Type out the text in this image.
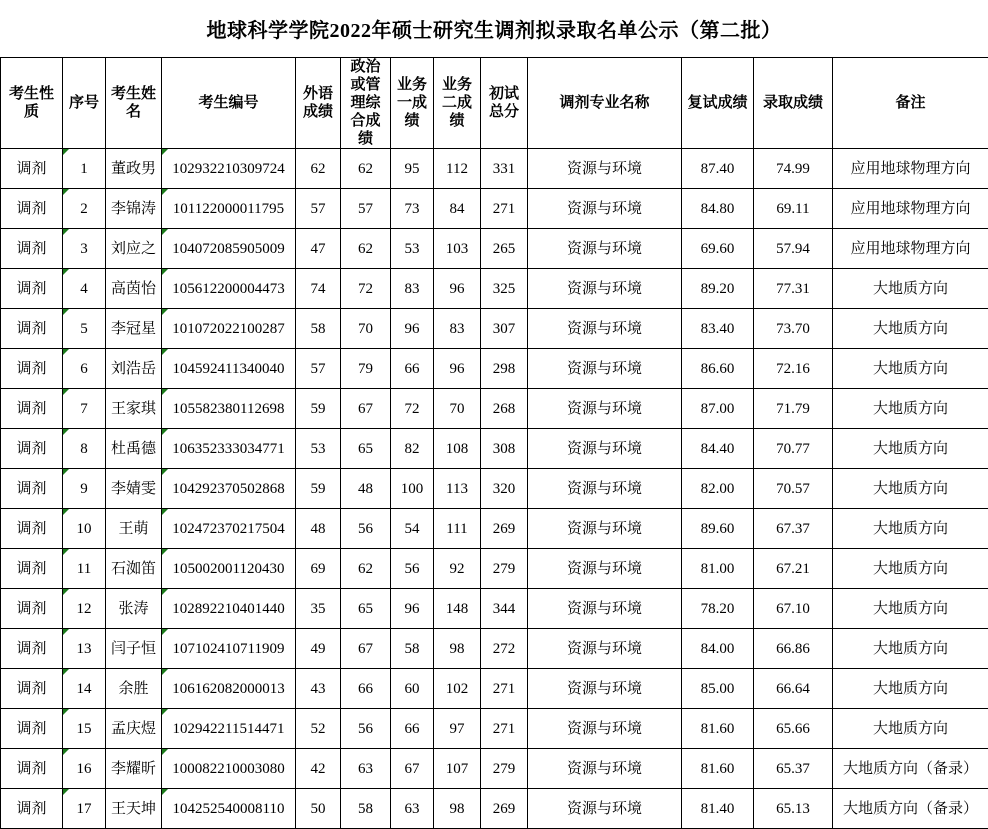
地球科学学院2022年硕士研究生调剂拟录取名单公示（第二批）
考生性质	序号	考生姓名	考生编号	外语成绩	政治或管理综合成绩	业务一成绩	业务二成绩	初试总分	调剂专业名称	复试成绩	录取成绩	备注
调剂	1	董政男	102932210309724	62	62	95	112	331	资源与环境	87.40	74.99	应用地球物理方向
调剂	2	李锦涛	101122000011795	57	57	73	84	271	资源与环境	84.80	69.11	应用地球物理方向
调剂	3	刘应之	104072085905009	47	62	53	103	265	资源与环境	69.60	57.94	应用地球物理方向
调剂	4	高茵怡	105612200004473	74	72	83	96	325	资源与环境	89.20	77.31	大地质方向
调剂	5	李冠星	101072022100287	58	70	96	83	307	资源与环境	83.40	73.70	大地质方向
调剂	6	刘浩岳	104592411340040	57	79	66	96	298	资源与环境	86.60	72.16	大地质方向
调剂	7	王家琪	105582380112698	59	67	72	70	268	资源与环境	87.00	71.79	大地质方向
调剂	8	杜禹德	106352333034771	53	65	82	108	308	资源与环境	84.40	70.77	大地质方向
调剂	9	李婧雯	104292370502868	59	48	100	113	320	资源与环境	82.00	70.57	大地质方向
调剂	10	王萌	102472370217504	48	56	54	111	269	资源与环境	89.60	67.37	大地质方向
调剂	11	石洳笛	105002001120430	69	62	56	92	279	资源与环境	81.00	67.21	大地质方向
调剂	12	张涛	102892210401440	35	65	96	148	344	资源与环境	78.20	67.10	大地质方向
调剂	13	闫子恒	107102410711909	49	67	58	98	272	资源与环境	84.00	66.86	大地质方向
调剂	14	余胜	106162082000013	43	66	60	102	271	资源与环境	85.00	66.64	大地质方向
调剂	15	孟庆煜	102942211514471	52	56	66	97	271	资源与环境	81.60	65.66	大地质方向
调剂	16	李耀昕	100082210003080	42	63	67	107	279	资源与环境	81.60	65.37	大地质方向（备录）
调剂	17	王天坤	104252540008110	50	58	63	98	269	资源与环境	81.40	65.13	大地质方向（备录）
